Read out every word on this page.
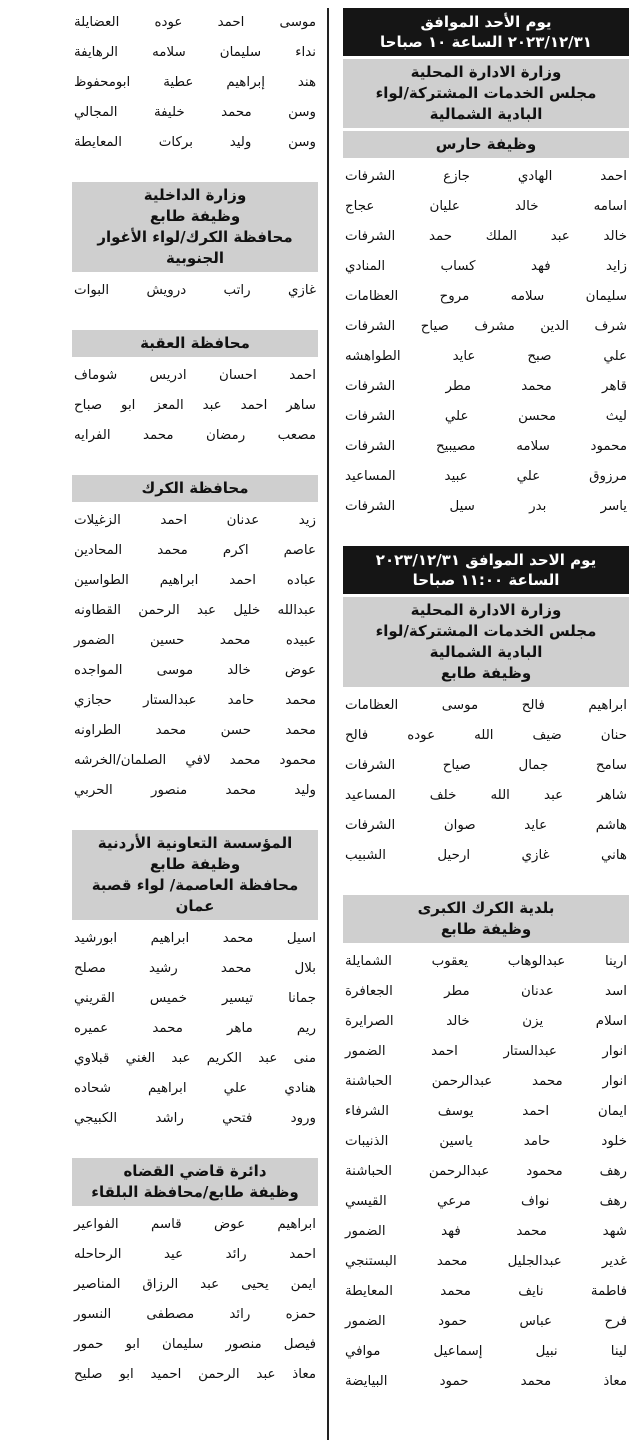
يوم الأحد الموافق
٢٠٢٣/١٢/٣١ الساعة ١٠ صباحا
وزارة الادارة المحلية
مجلس الخدمات المشتركة/لواء
البادية الشمالية
وظيفة حارس
احمد الهادي جازع الشرفات
اسامه خالد عليان عجاج
خالد عبد الملك حمد الشرفات
زايد فهد كساب المنادي
سليمان سلامه مروح العظامات
شرف الدين مشرف صياح الشرفات
علي صبح عايد الطواهشه
قاهر محمد مطر الشرفات
ليث محسن علي الشرفات
محمود سلامه مصيبيح الشرفات
مرزوق علي عبيد المساعيد
ياسر بدر سيل الشرفات
يوم الاحد الموافق ٢٠٢٣/١٢/٣١
الساعة ١١:٠٠ صباحا
وزارة الادارة المحلية
مجلس الخدمات المشتركة/لواء
البادية الشمالية
وظيفة طابع
ابراهيم فالح موسى العظامات
حنان ضيف الله عوده فالح
سامح جمال صياح الشرفات
شاهر عبد الله خلف المساعيد
هاشم عايد صوان الشرفات
هاني غازي ارحيل الشبيب
بلدية الكرك الكبرى
وظيفة طابع
ارينا عبدالوهاب يعقوب الشمايلة
اسد عدنان مطر الجعافرة
اسلام يزن خالد الصرايرة
انوار عبدالستار احمد الضمور
انوار محمد عبدالرحمن الحباشنة
ايمان احمد يوسف الشرفاء
خلود حامد ياسين الذنيبات
رهف محمود عبدالرحمن الحباشنة
رهف نواف مرعي القيسي
شهد محمد فهد الضمور
غدير عبدالجليل محمد البستنجي
فاطمة نايف محمد المعايطة
فرح عباس حمود الضمور
لينا نبيل إسماعيل موافي
معاذ محمد حمود البيايضة
موسى احمد عوده العضايلة
نداء سليمان سلامه الرهايفة
هند إبراهيم عطية ابومحفوظ
وسن محمد خليفة المجالي
وسن وليد بركات المعايطة
وزارة الداخلية
وظيفة طابع
محافظة الكرك/لواء الأغوار
الجنوبية
غازي راتب درويش البوات
محافظة العقبة
احمد احسان ادريس شوماف
ساهر احمد عبد المعز ابو صباح
مصعب رمضان محمد الفرايه
محافظة الكرك
زيد عدنان احمد الزغيلات
عاصم اكرم محمد المحادين
عباده احمد ابراهيم الطواسين
عبدالله خليل عبد الرحمن القطاونه
عبيده محمد حسين الضمور
عوض خالد موسى المواجده
محمد حامد عبدالستار حجازي
محمد حسن محمد الطراونه
محمود محمد لافي الصلمان/الخرشه
وليد محمد منصور الحربي
المؤسسة التعاونية الأردنية
وظيفة طابع
محافظة العاصمة/ لواء قصبة
عمان
اسيل محمد ابراهيم ابورشيد
بلال محمد رشيد مصلح
جمانا تيسير خميس القريني
ريم ماهر محمد عميره
منى عبد الكريم عبد الغني قبلاوي
هنادي علي ابراهيم شحاده
ورود فتحي راشد الكبيجي
دائرة قاضي القضاه
وظيفة طابع/محافظة البلقاء
ابراهيم عوض قاسم الفواعير
احمد رائد عيد الرحاحله
ايمن يحيى عبد الرزاق المناصير
حمزه رائد مصطفى النسور
فيصل منصور سليمان ابو حمور
معاذ عبد الرحمن احميد ابو صليح
